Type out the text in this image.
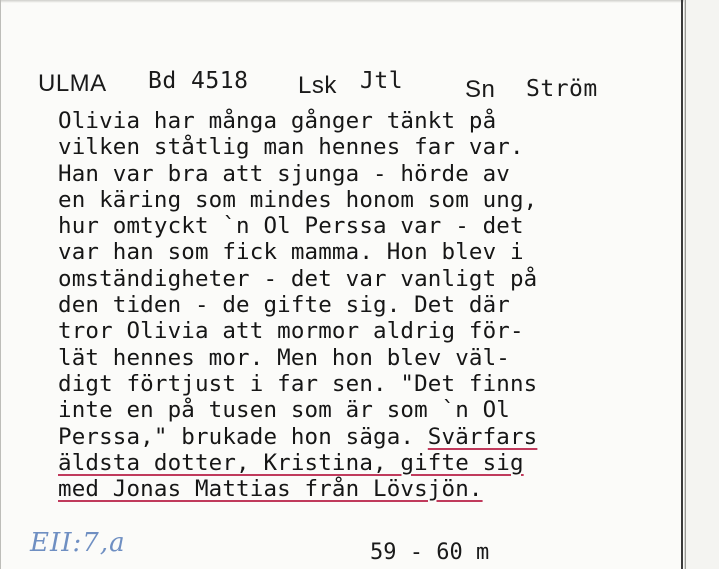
ULMA Bd 4518 Lsk Jtl	Sn Ström
Olivia har många gånger tänkt på
vilken ståtlig man hennes far var.
Han var bra att sjunga - hörde av
en käring som mindes honom som ung,
hur omtyckt `n Ol Perssa var - det
var han som fick mamma. Hon blev i
omständigheter - det var vanligt på
den tiden - de gifte sig. Det där
tror Olivia att mormor aldrig för-
lät hennes mor. Men hon blev väl-
digt förtjust i far sen. "Det finns
inte en på tusen som är som `n Ol
Perssa," brukade hon säga. Svärfars
äldsta dotter, Kristina, gifte sig
med Jonas Mattias från Lövsjön.
EII:7,a	59 - 60 m
